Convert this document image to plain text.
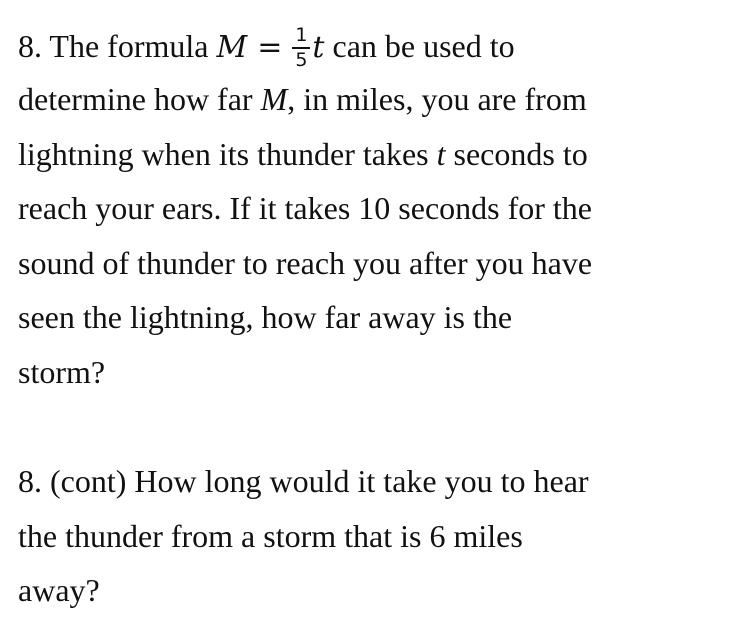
8. The formula $M = \frac{1}{5}$ t can be used to
determine how far M, in miles, you are from
lightning when its thunder takes t seconds to
reach your ears. If it takes 10 seconds for the
sound of thunder to reach you after you have
seen the lightning, how far away is the
storm?
8. (cont) How long would it take you to hear
the thunder from a storm that is 6 miles
away?
